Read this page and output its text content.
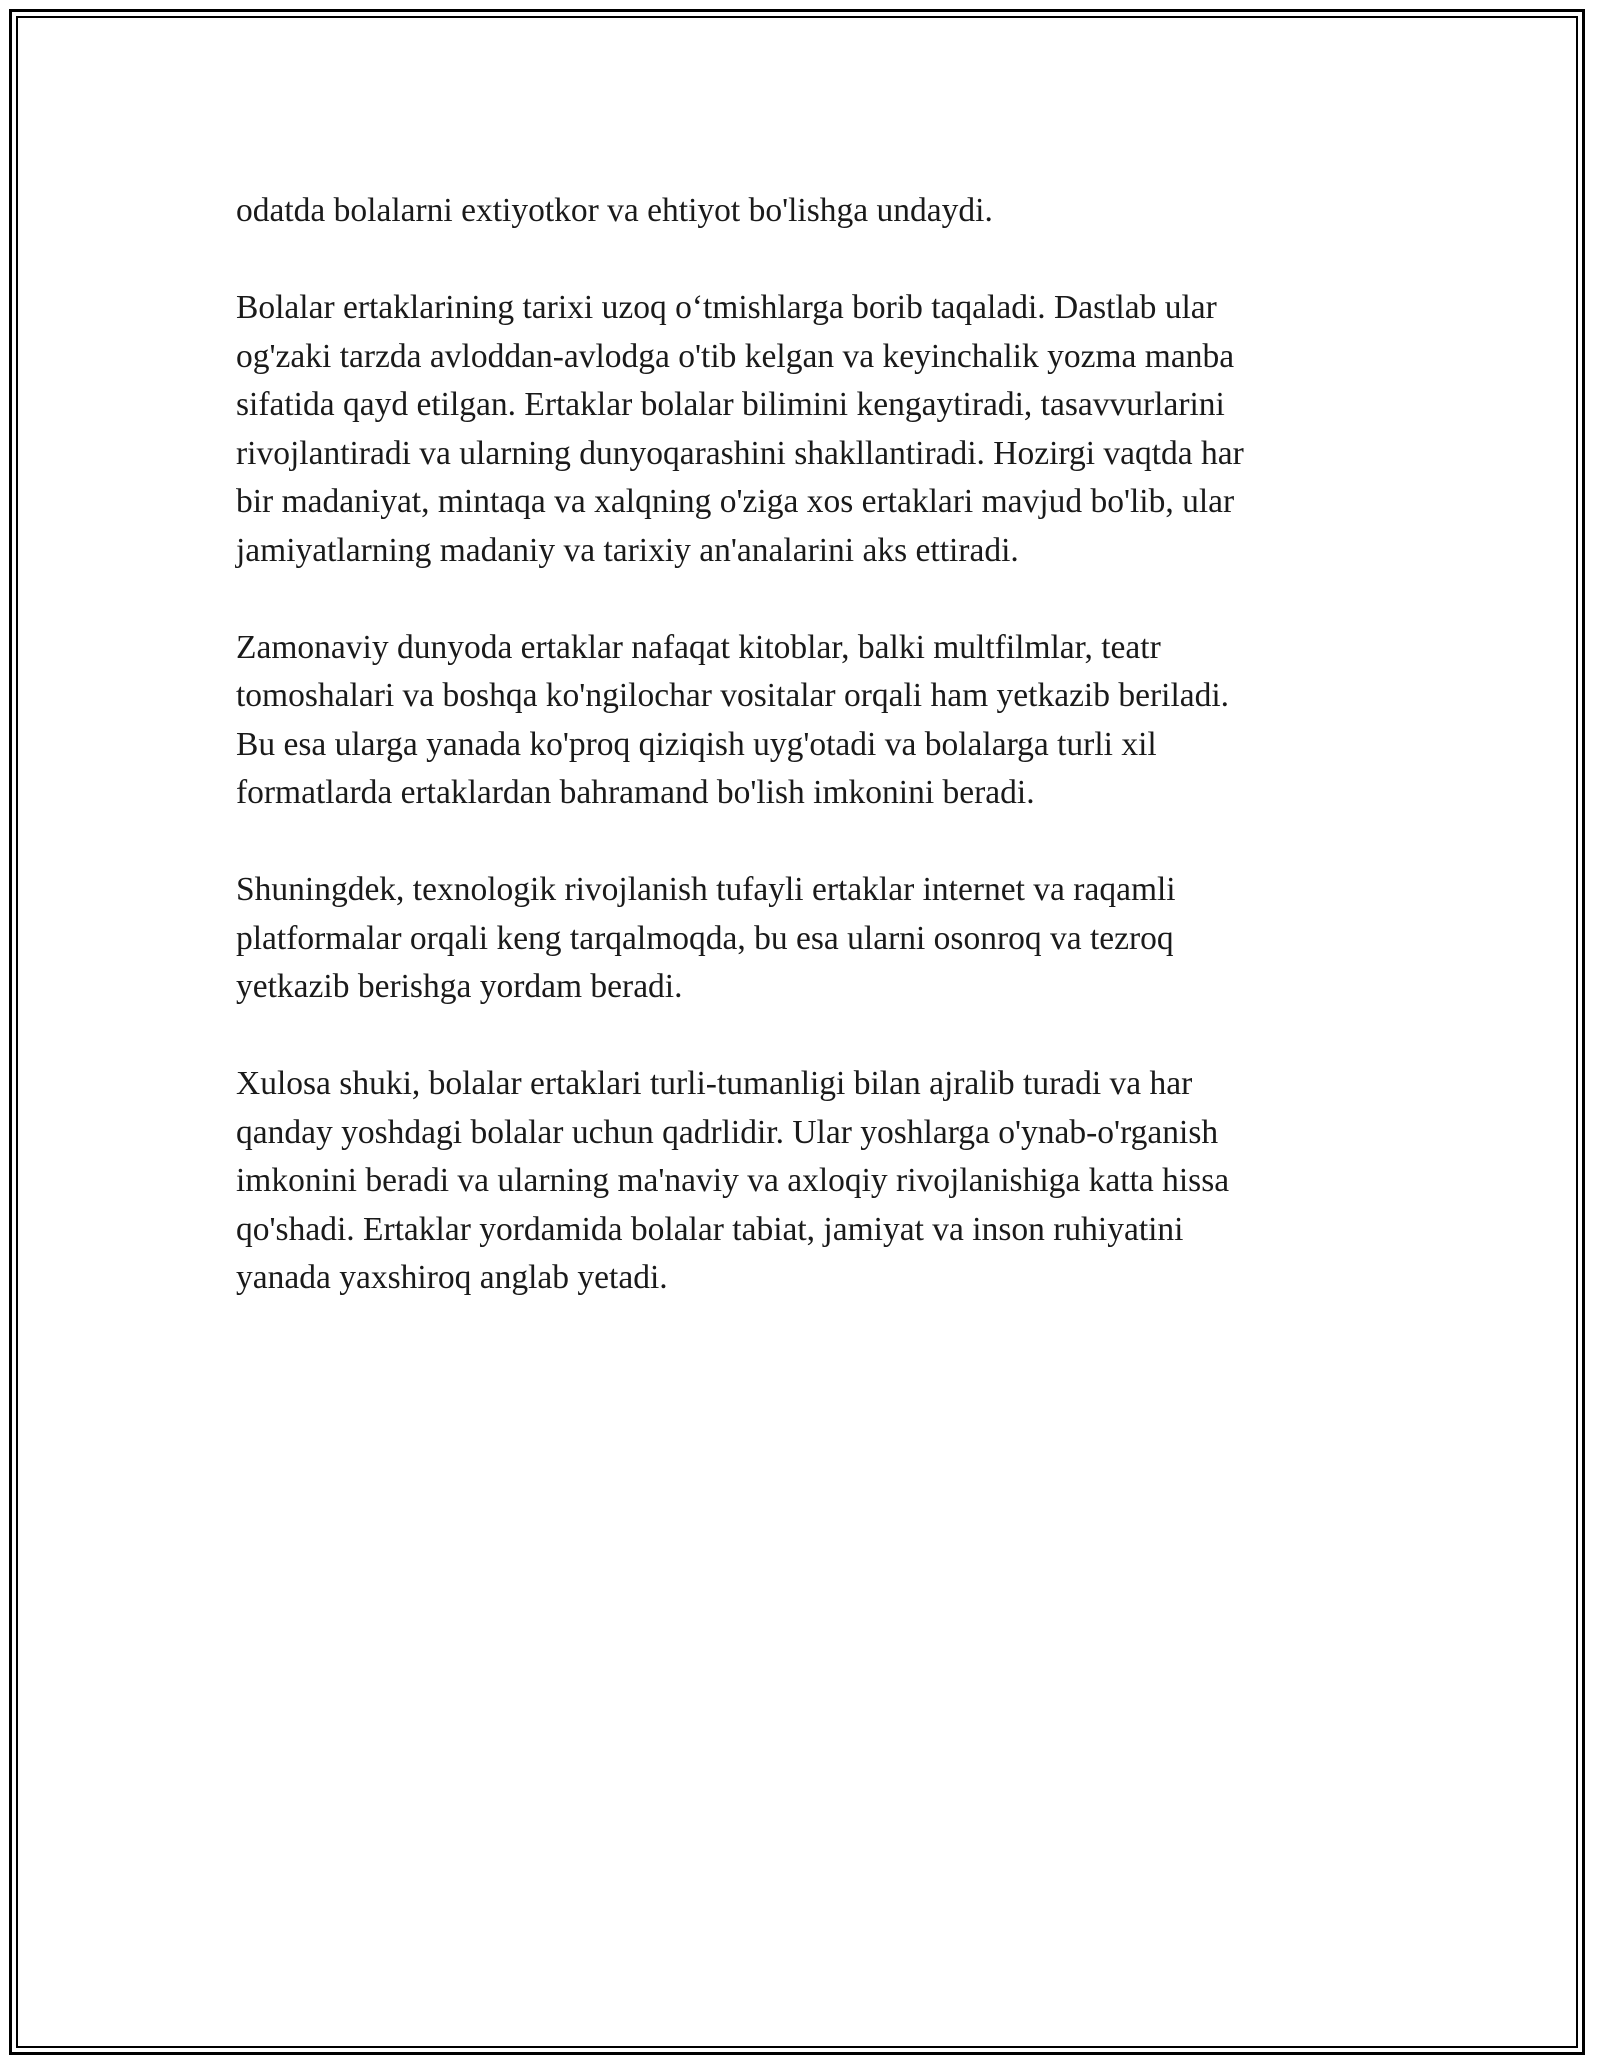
odatda bolalarni extiyotkor va ehtiyot bo'lishga undaydi.

Bolalar ertaklarining tarixi uzoq o‘tmishlarga borib taqaladi. Dastlab ular
og'zaki tarzda avloddan-avlodga o'tib kelgan va keyinchalik yozma manba
sifatida qayd etilgan. Ertaklar bolalar bilimini kengaytiradi, tasavvurlarini
rivojlantiradi va ularning dunyoqarashini shakllantiradi. Hozirgi vaqtda har
bir madaniyat, mintaqa va xalqning o'ziga xos ertaklari mavjud bo'lib, ular
jamiyatlarning madaniy va tarixiy an'analarini aks ettiradi.

Zamonaviy dunyoda ertaklar nafaqat kitoblar, balki multfilmlar, teatr
tomoshalari va boshqa ko'ngilochar vositalar orqali ham yetkazib beriladi.
Bu esa ularga yanada ko'proq qiziqish uyg'otadi va bolalarga turli xil
formatlarda ertaklardan bahramand bo'lish imkonini beradi.

Shuningdek, texnologik rivojlanish tufayli ertaklar internet va raqamli
platformalar orqali keng tarqalmoqda, bu esa ularni osonroq va tezroq
yetkazib berishga yordam beradi.

Xulosa shuki, bolalar ertaklari turli-tumanligi bilan ajralib turadi va har
qanday yoshdagi bolalar uchun qadrlidir. Ular yoshlarga o'ynab-o'rganish
imkonini beradi va ularning ma'naviy va axloqiy rivojlanishiga katta hissa
qo'shadi. Ertaklar yordamida bolalar tabiat, jamiyat va inson ruhiyatini
yanada yaxshiroq anglab yetadi.
